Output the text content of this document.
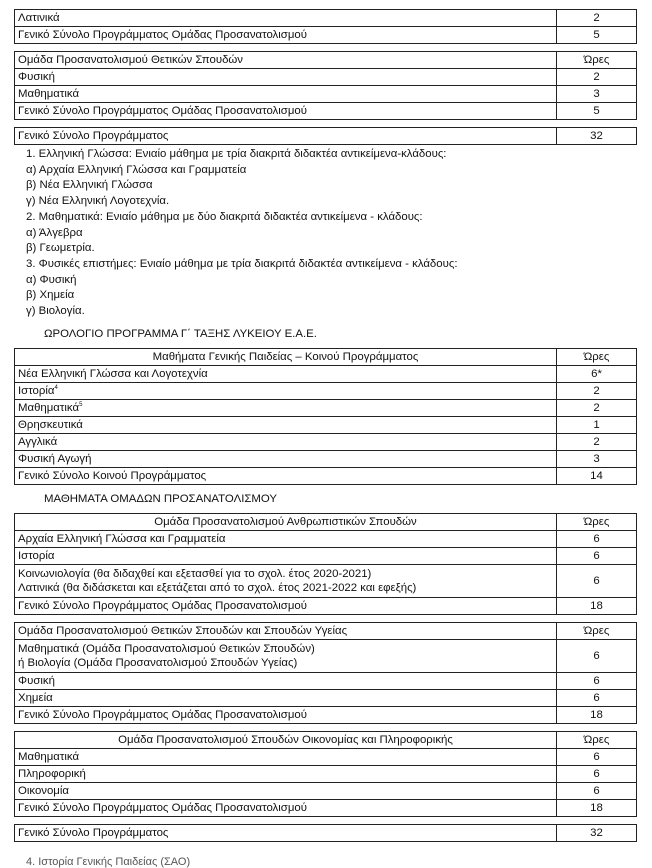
Λατινικά	2
Γενικό Σύνολο Προγράμματος Ομάδας Προσανατολισμού	5
Ομάδα Προσανατολισμού Θετικών Σπουδών	Ώρες
Φυσική	2
Μαθηματικά	3
Γενικό Σύνολο Προγράμματος Ομάδας Προσανατολισμού	5
Γενικό Σύνολο Προγράμματος	32
1. Ελληνική Γλώσσα: Ενιαίο μάθημα με τρία διακριτά διδακτέα αντικείμενα-κλάδους:
α) Αρχαία Ελληνική Γλώσσα και Γραμματεία
β) Νέα Ελληνική Γλώσσα
γ) Νέα Ελληνική Λογοτεχνία.
2. Μαθηματικά: Ενιαίο μάθημα με δύο διακριτά διδακτέα αντικείμενα - κλάδους:
α) Άλγεβρα
β) Γεωμετρία.
3. Φυσικές επιστήμες: Ενιαίο μάθημα με τρία διακριτά διδακτέα αντικείμενα - κλάδους:
α) Φυσική
β) Χημεία
γ) Βιολογία.
ΩΡΟΛΟΓΙΟ ΠΡΟΓΡΑΜΜΑ Γ΄ ΤΑΞΗΣ ΛΥΚΕΙΟΥ Ε.Α.Ε.
Μαθήματα Γενικής Παιδείας – Κοινού Προγράμματος	Ώρες
Νέα Ελληνική Γλώσσα και Λογοτεχνία	6*
Ιστορία$^4$	2
Μαθηματικά$^5$	2
Θρησκευτικά	1
Αγγλικά	2
Φυσική Αγωγή	3
Γενικό Σύνολο Κοινού Προγράμματος	14
ΜΑΘΗΜΑΤΑ ΟΜΑΔΩΝ ΠΡΟΣΑΝΑΤΟΛΙΣΜΟΥ
Ομάδα Προσανατολισμού Ανθρωπιστικών Σπουδών	Ώρες
Αρχαία Ελληνική Γλώσσα και Γραμματεία	6
Ιστορία	6

Κοινωνιολογία (θα διδαχθεί και εξετασθεί για το σχολ. έτος 2020-2021)
Λατινικά (θα διδάσκεται και εξετάζεται από το σχολ. έτος 2021-2022 και εφεξής)	6
Γενικό Σύνολο Προγράμματος Ομάδας Προσανατολισμού	18
Ομάδα Προσανατολισμού Θετικών Σπουδών και Σπουδών Υγείας	Ώρες

Μαθηματικά (Ομάδα Προσανατολισμού Θετικών Σπουδών)
ή Βιολογία (Ομάδα Προσανατολισμού Σπουδών Υγείας)	6
Φυσική	6
Χημεία	6
Γενικό Σύνολο Προγράμματος Ομάδας Προσανατολισμού	18
Ομάδα Προσανατολισμού Σπουδών Οικονομίας και Πληροφορικής	Ώρες
Μαθηματικά	6
Πληροφορική	6
Οικονομία	6
Γενικό Σύνολο Προγράμματος Ομάδας Προσανατολισμού	18
Γενικό Σύνολο Προγράμματος	32
4. Ιστορία Γενικής Παιδείας (ΣΑΟ)
